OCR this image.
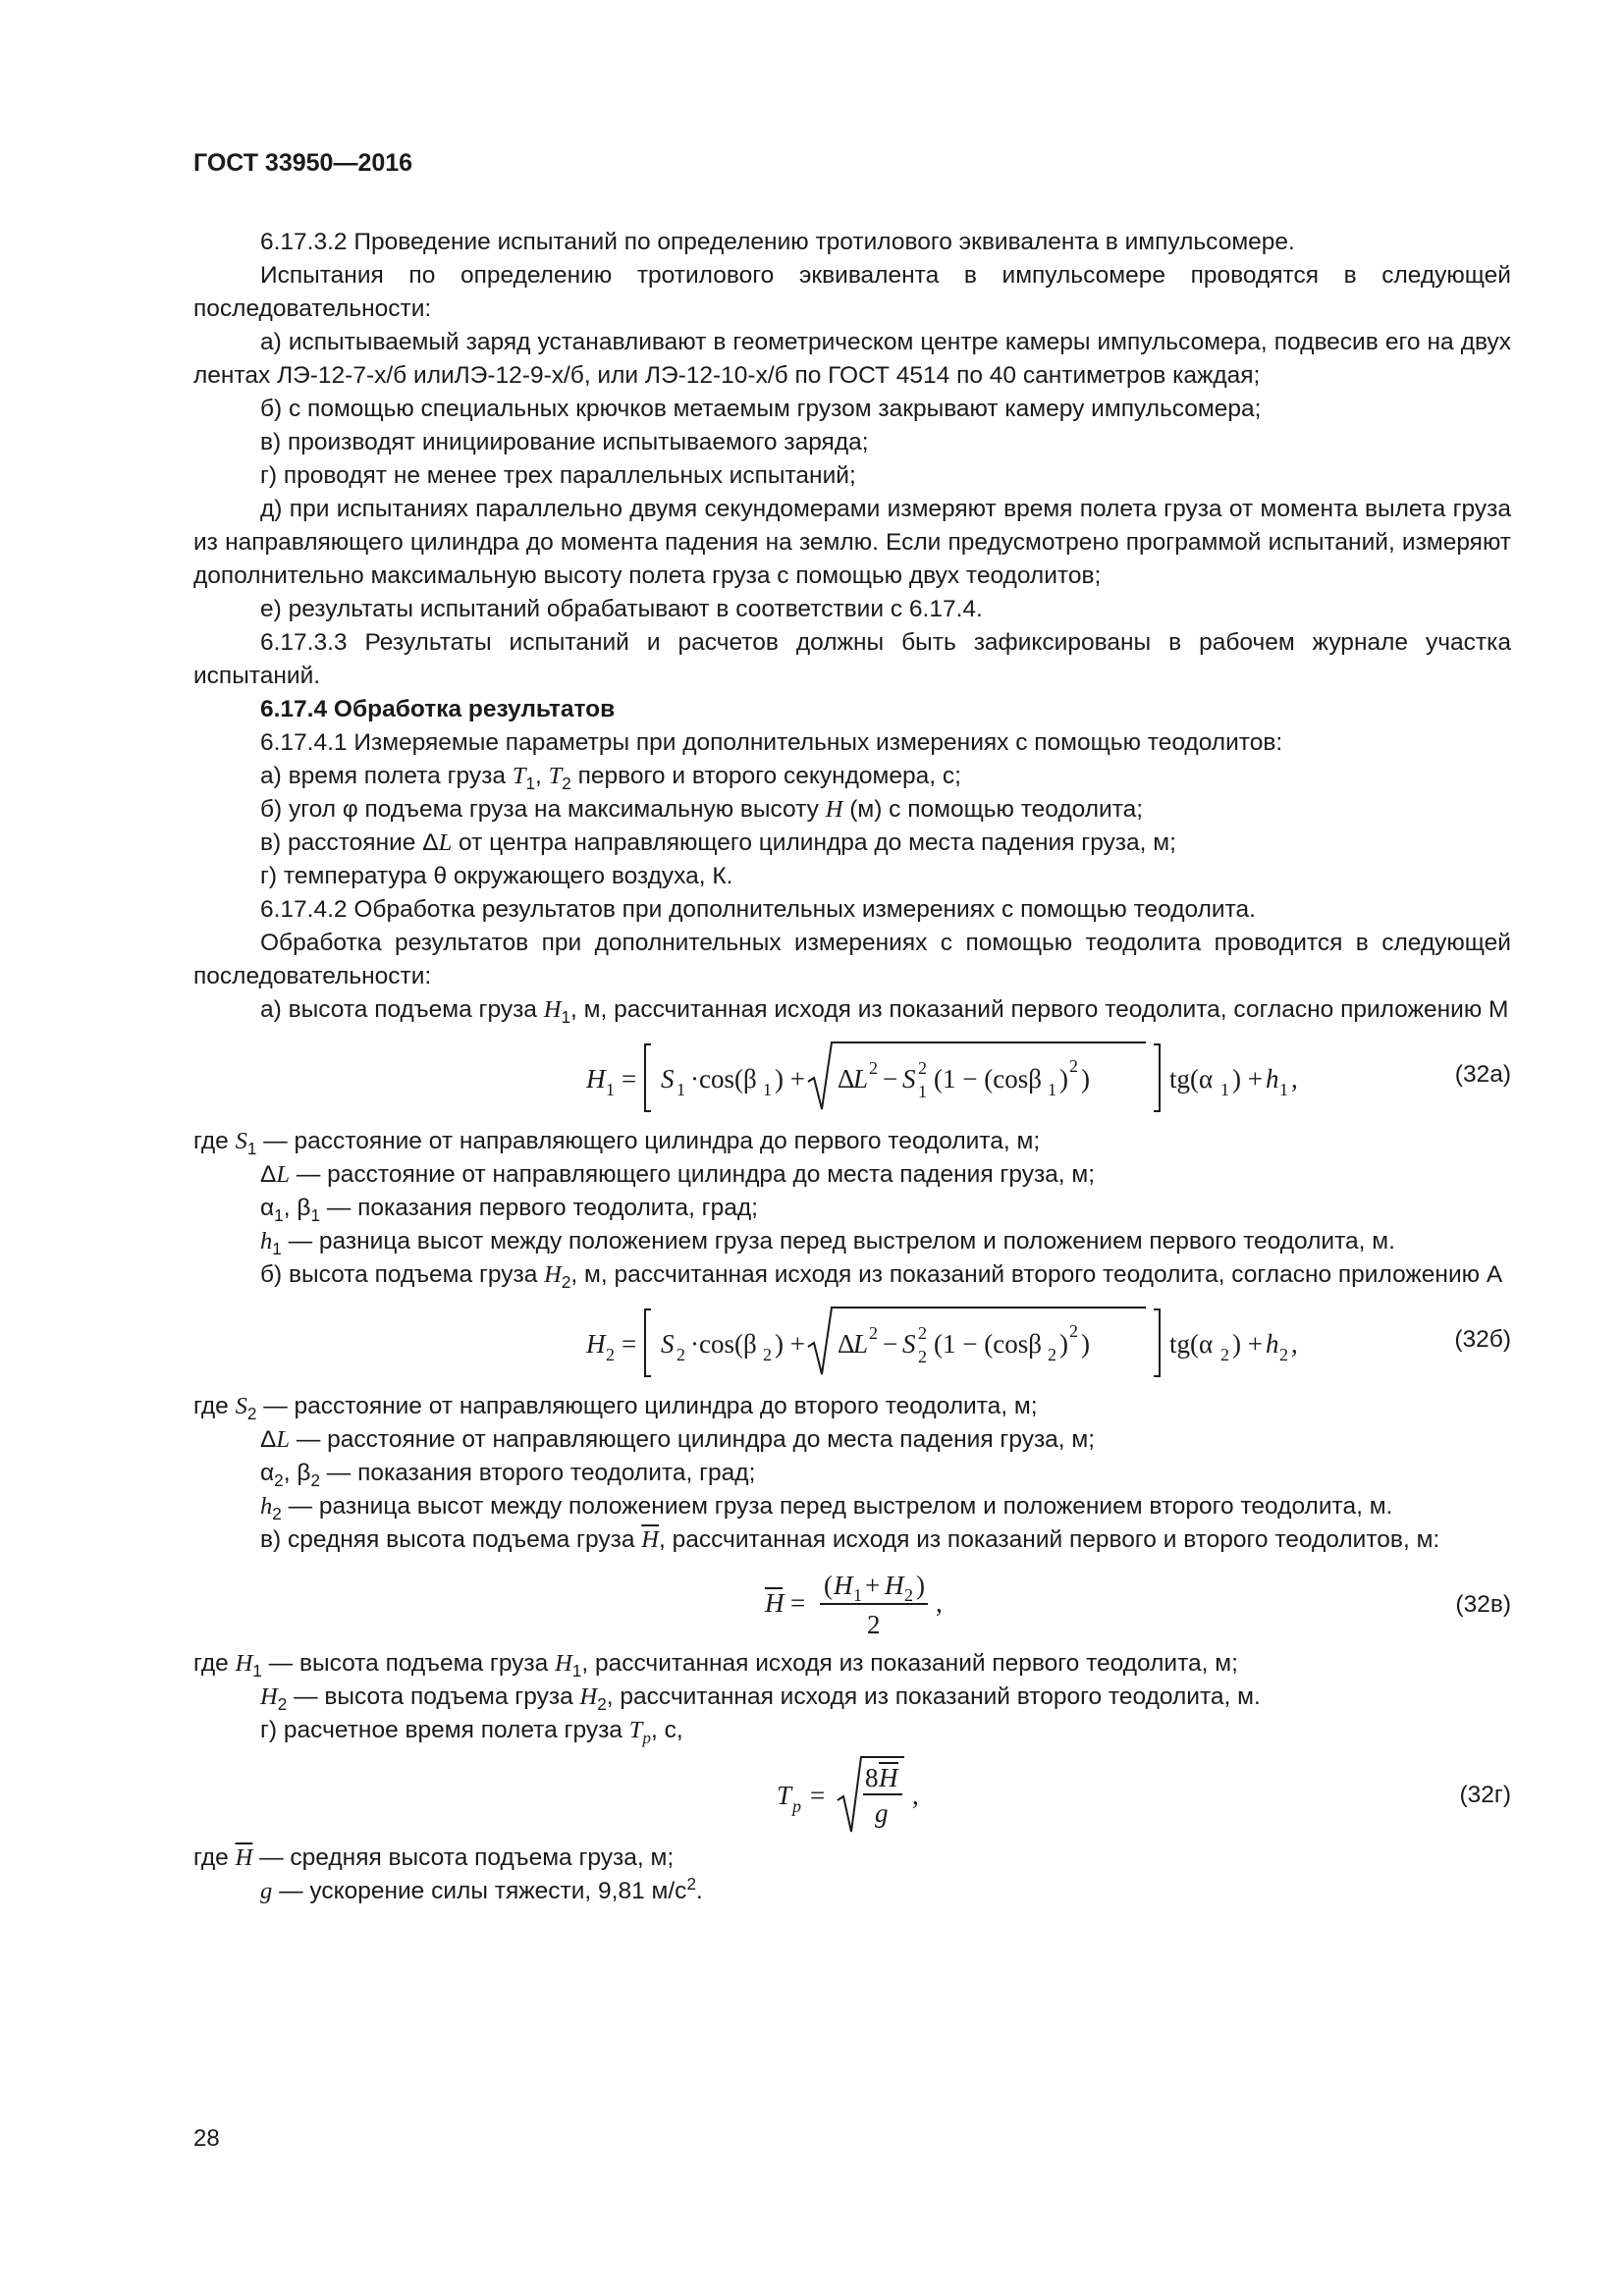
ГОСТ 33950—2016

6.17.3.2 Проведение испытаний по определению тротилового эквивалента в импульсомере.

Испытания по определению тротилового эквивалента в импульсомере проводятся в следующей последовательности:

а) испытываемый заряд устанавливают в геометрическом центре камеры импульсомера, подвесив его на двух лентах ЛЭ-12-7-х/б илиЛЭ-12-9-х/б, или ЛЭ-12-10-х/б по ГОСТ 4514 по 40 сантиметров каждая;

б) с помощью специальных крючков метаемым грузом закрывают камеру импульсомера;

в) производят инициирование испытываемого заряда;

г) проводят не менее трех параллельных испытаний;

д) при испытаниях параллельно двумя секундомерами измеряют время полета груза от момента вылета груза из направляющего цилиндра до момента падения на землю. Если предусмотрено программой испытаний, измеряют дополнительно максимальную высоту полета груза с помощью двух теодолитов;

е) результаты испытаний обрабатывают в соответствии с 6.17.4.

6.17.3.3 Результаты испытаний и расчетов должны быть зафиксированы в рабочем журнале участка испытаний.

6.17.4 Обработка результатов

6.17.4.1 Измеряемые параметры при дополнительных измерениях с помощью теодолитов:

а) время полета груза $T_1$, $T_2$ первого и второго секундомера, с;

б) угол φ подъема груза на максимальную высоту H (м) с помощью теодолита;

в) расстояние ΔL от центра направляющего цилиндра до места падения груза, м;

г) температура θ окружающего воздуха, К.

6.17.4.2 Обработка результатов при дополнительных измерениях с помощью теодолита.

Обработка результатов при дополнительных измерениях с помощью теодолита проводится в следующей последовательности:

а) высота подъема груза $H_1$, м, рассчитанная исходя из показаний первого теодолита, согласно приложению М

H 1 = S 1 ·cos(β 1 ) + Δ
L 2 − S 2
1 (1 − (cosβ 1 ) 2 )	tg(α 1 ) + h 1 ,	(32а)

где $S_1$ — расстояние от направляющего цилиндра до первого теодолита, м;

ΔL — расстояние от направляющего цилиндра до места падения груза, м;

$\alpha_1$, $\beta_1$ — показания первого теодолита, град;

$h_1$ — разница высот между положением груза перед выстрелом и положением первого теодолита, м.

б) высота подъема груза $H_2$, м, рассчитанная исходя из показаний второго теодолита, согласно приложению А

H 2 = S 2 ·cos(β 2 ) + Δ
L 2 − S 2
2 (1 − (cosβ 2 ) 2 )	tg(α 2 ) + h 2 ,	(32б)

где $S_2$ — расстояние от направляющего цилиндра до второго теодолита, м;

ΔL — расстояние от направляющего цилиндра до места падения груза, м;

$\alpha_2$, $\beta_2$ — показания второго теодолита, град;

$h_2$ — разница высот между положением груза перед выстрелом и положением второго теодолита, м.

в) средняя высота подъема груза $\overline{H}$, рассчитанная исходя из показаний первого и второго теодолитов, м:

H =
( H 1 + H 2 )
2
,	(32в)

где $H_1$ — высота подъема груза $H_1$, рассчитанная исходя из показаний первого теодолита, м;

$H_2$ — высота подъема груза $H_2$, рассчитанная исходя из показаний второго теодолита, м.

г) расчетное время полета груза $T_p$, с,

T p =
8 H
g
,	(32г)

где $\overline{H}$ — средняя высота подъема груза, м;

g — ускорение силы тяжести, 9,81 $м/с^2$.

28
